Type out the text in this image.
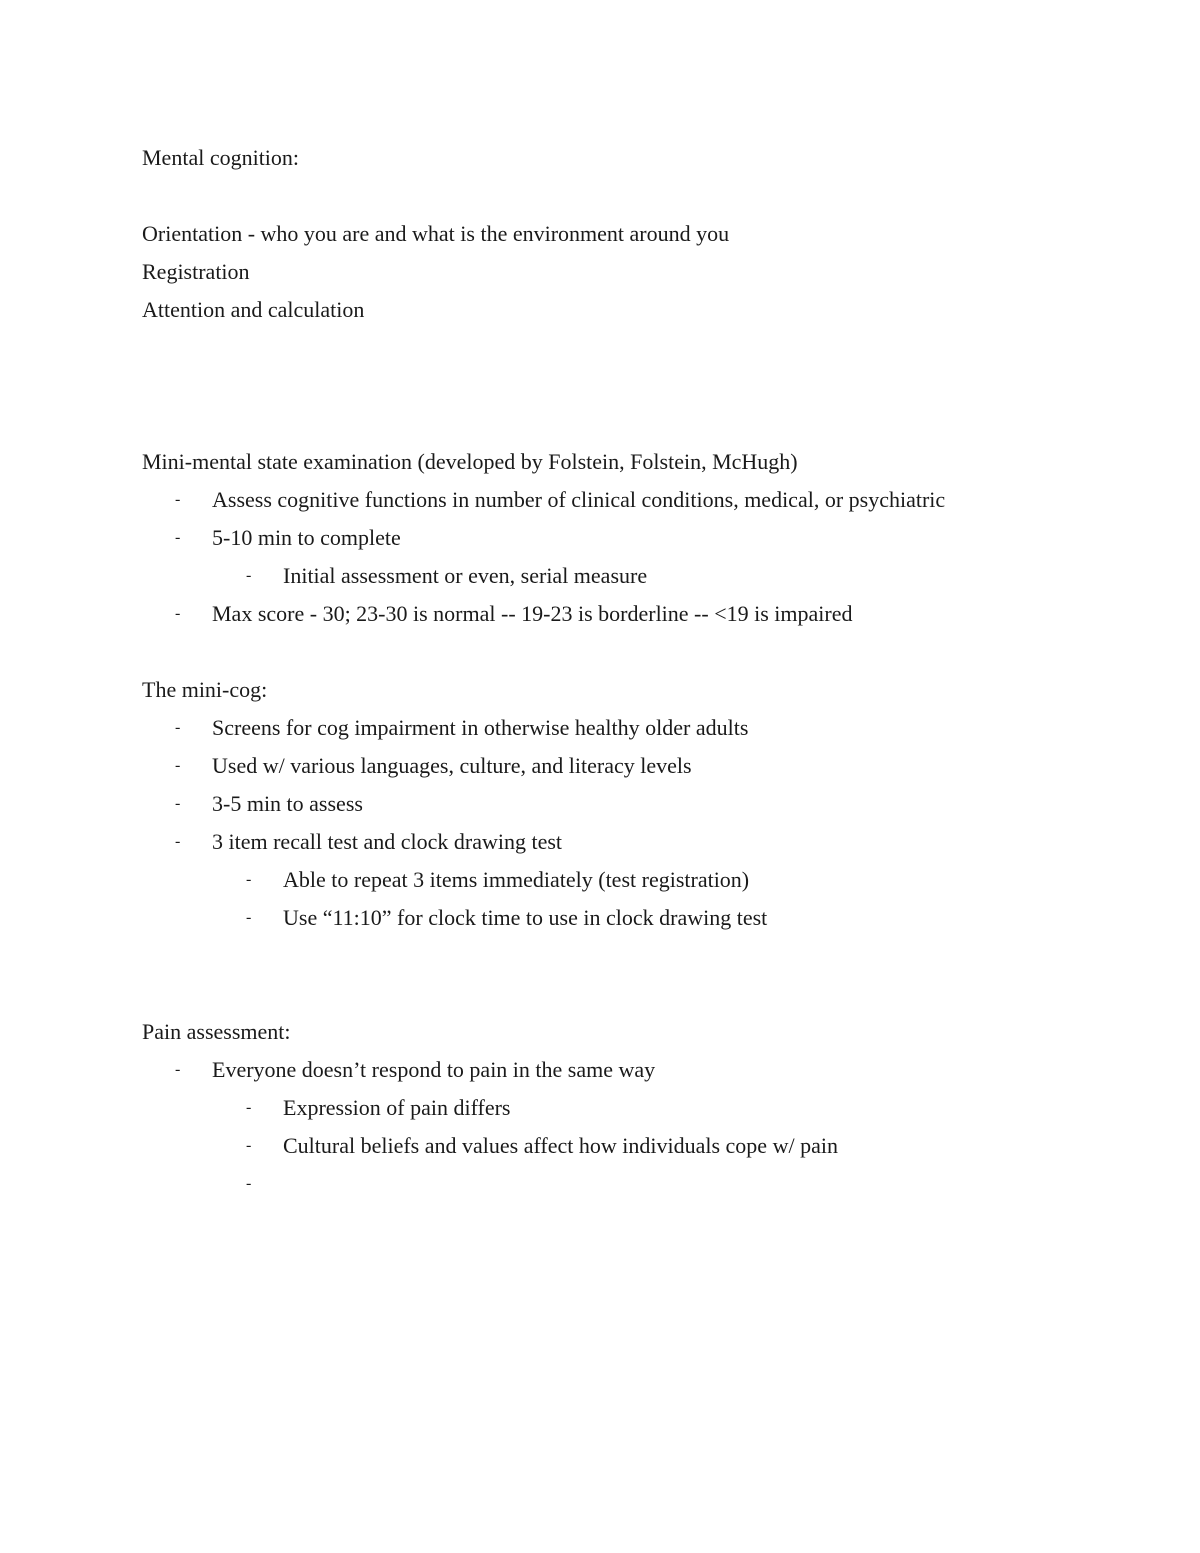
Mental cognition:
Orientation - who you are and what is the environment around you
Registration
Attention and calculation
Mini-mental state examination (developed by Folstein, Folstein, McHugh)
- Assess cognitive functions in number of clinical conditions, medical, or psychiatric
- 5-10 min to complete
- Initial assessment or even, serial measure
- Max score - 30; 23-30 is normal -- 19-23 is borderline -- <19 is impaired
The mini-cog:
- Screens for cog impairment in otherwise healthy older adults
- Used w/ various languages, culture, and literacy levels
- 3-5 min to assess
- 3 item recall test and clock drawing test
- Able to repeat 3 items immediately (test registration)
- Use “11:10” for clock time to use in clock drawing test
Pain assessment:
- Everyone doesn’t respond to pain in the same way
- Expression of pain differs
- Cultural beliefs and values affect how individuals cope w/ pain
-
